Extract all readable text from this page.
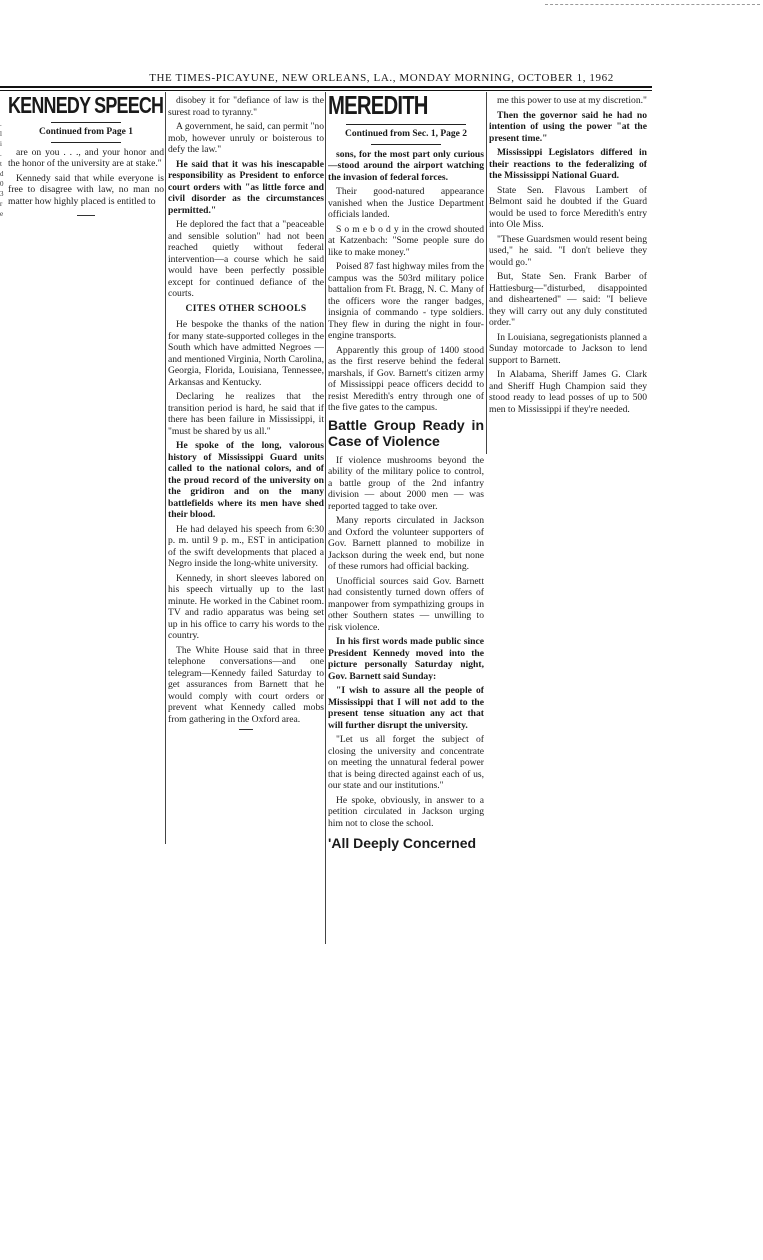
THE TIMES-PICAYUNE, NEW ORLEANS, LA., MONDAY MORNING, OCTOBER 1, 1962
.
l
i
.
t
d
0
3
r
e
KENNEDY SPEECH

Continued from Page 1

are on you . . ., and your honor and the honor of the university are at stake."

Kennedy said that while everyone is free to disagree with law, no man no matter how highly placed is entitled to

disobey it for "defiance of law is the surest road to tyranny."

A government, he said, can permit "no mob, however unruly or boisterous to defy the law."

He said that it was his inescapable responsibility as President to enforce court orders with "as little force and civil disorder as the circumstances permitted."

He deplored the fact that a "peaceable and sensible solution" had not been reached quietly without federal intervention—a course which he said would have been perfectly possible except for continued defiance of the courts.

CITES OTHER SCHOOLS

He bespoke the thanks of the nation for many state-supported colleges in the South which have admitted Negroes — and mentioned Virginia, North Carolina, Georgia, Florida, Louisiana, Tennessee, Arkansas and Kentucky.

Declaring he realizes that the transition period is hard, he said that if there has been failure in Mississippi, it "must be shared by us all."

He spoke of the long, valorous history of Mississippi Guard units called to the national colors, and of the proud record of the university on the gridiron and on the many battlefields where its men have shed their blood.

He had delayed his speech from 6:30 p. m. until 9 p. m., EST in anticipation of the swift developments that placed a Negro inside the long-white university.

Kennedy, in short sleeves labored on his speech virtually up to the last minute. He worked in the Cabinet room. TV and radio apparatus was being set up in his office to carry his words to the country.

The White House said that in three telephone conversations—and one telegram—Kennedy failed Saturday to get assurances from Barnett that he would comply with court orders or prevent what Kennedy called mobs from gathering in the Oxford area.

MEREDITH

Continued from Sec. 1, Page 2

sons, for the most part only curious—stood around the airport watching the invasion of federal forces.

Their good-natured appearance vanished when the Justice Department officials landed.

S o m e b o d y in the crowd shouted at Katzenbach: "Some people sure do like to make money."

Poised 87 fast highway miles from the campus was the 503rd military police battalion from Ft. Bragg, N. C. Many of the officers wore the ranger badges, insignia of commando - type soldiers. They flew in during the night in four-engine transports.

Apparently this group of 1400 stood as the first reserve behind the federal marshals, if Gov. Barnett's citizen army of Mississippi peace officers decidd to resist Meredith's entry through one of the five gates to the campus.

Battle Group Ready in Case of Violence

If violence mushrooms beyond the ability of the military police to control, a battle group of the 2nd infantry division — about 2000 men — was reported tagged to take over.

Many reports circulated in Jackson and Oxford the volunteer supporters of Gov. Barnett planned to mobilize in Jackson during the week end, but none of these rumors had official backing.

Unofficial sources said Gov. Barnett had consistently turned down offers of manpower from sympathizing groups in other Southern states — unwilling to risk violence.

In his first words made public since President Kennedy moved into the picture personally Saturday night, Gov. Barnett said Sunday:

"I wish to assure all the people of Mississippi that I will not add to the present tense situation any act that will further disrupt the university.

"Let us all forget the subject of closing the university and concentrate on meeting the unnatural federal power that is being directed against each of us, our state and our institutions."

He spoke, obviously, in answer to a petition circulated in Jackson urging him not to close the school.

'All Deeply Concerned

me this power to use at my discretion."

Then the governor said he had no intention of using the power "at the present time."

Mississippi Legislators differed in their reactions to the federalizing of the Mississippi National Guard.

State Sen. Flavous Lambert of Belmont said he doubted if the Guard would be used to force Meredith's entry into Ole Miss.

"These Guardsmen would resent being used," he said. "I don't believe they would go."

But, State Sen. Frank Barber of Hattiesburg—"disturbed, disappointed and disheartened" — said: "I believe they will carry out any duly constituted order."

In Louisiana, segregationists planned a Sunday motorcade to Jackson to lend support to Barnett.

In Alabama, Sheriff James G. Clark and Sheriff Hugh Champion said they stood ready to lead posses of up to 500 men to Mississippi if they're needed.
